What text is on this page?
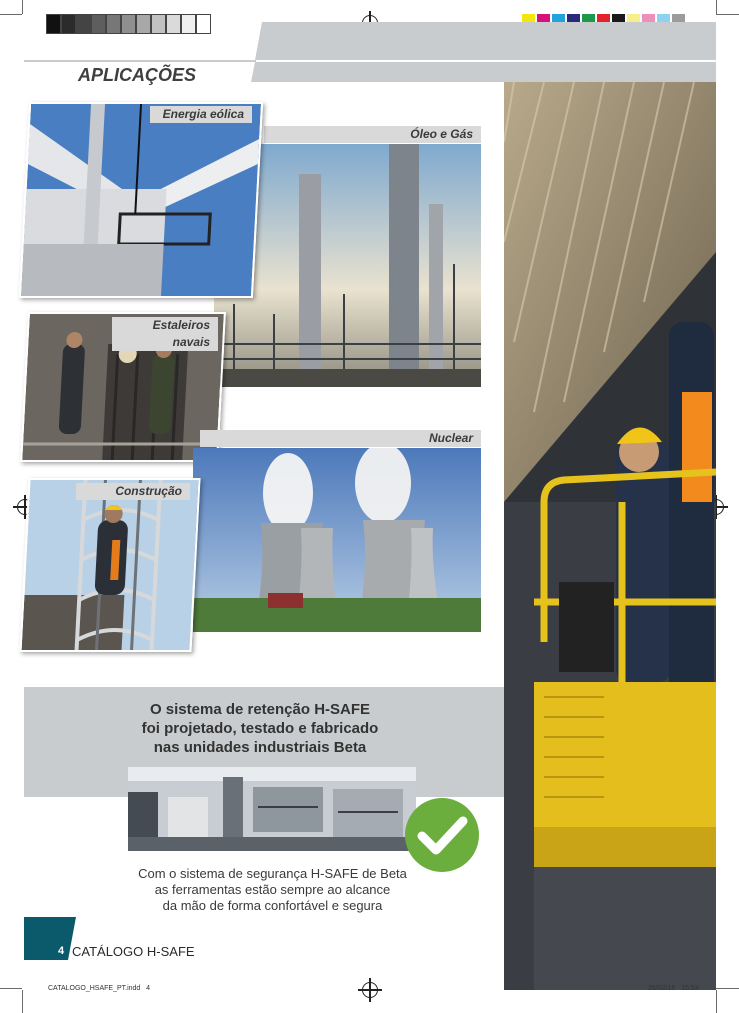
APLICAÇÕES
Óleo e Gás
Energia eólica
Estaleiros navais
Nuclear
Construção
O sistema de retenção H-SAFE
foi projetado, testado e fabricado
nas unidades industriais Beta
Com o sistema de segurança H-SAFE de Beta
as ferramentas estão sempre ao alcance
da mão de forma confortável e segura
4 CATÁLOGO H-SAFE
CATALOGO_HSAFE_PT.indd   4	26/02/16   15:53
